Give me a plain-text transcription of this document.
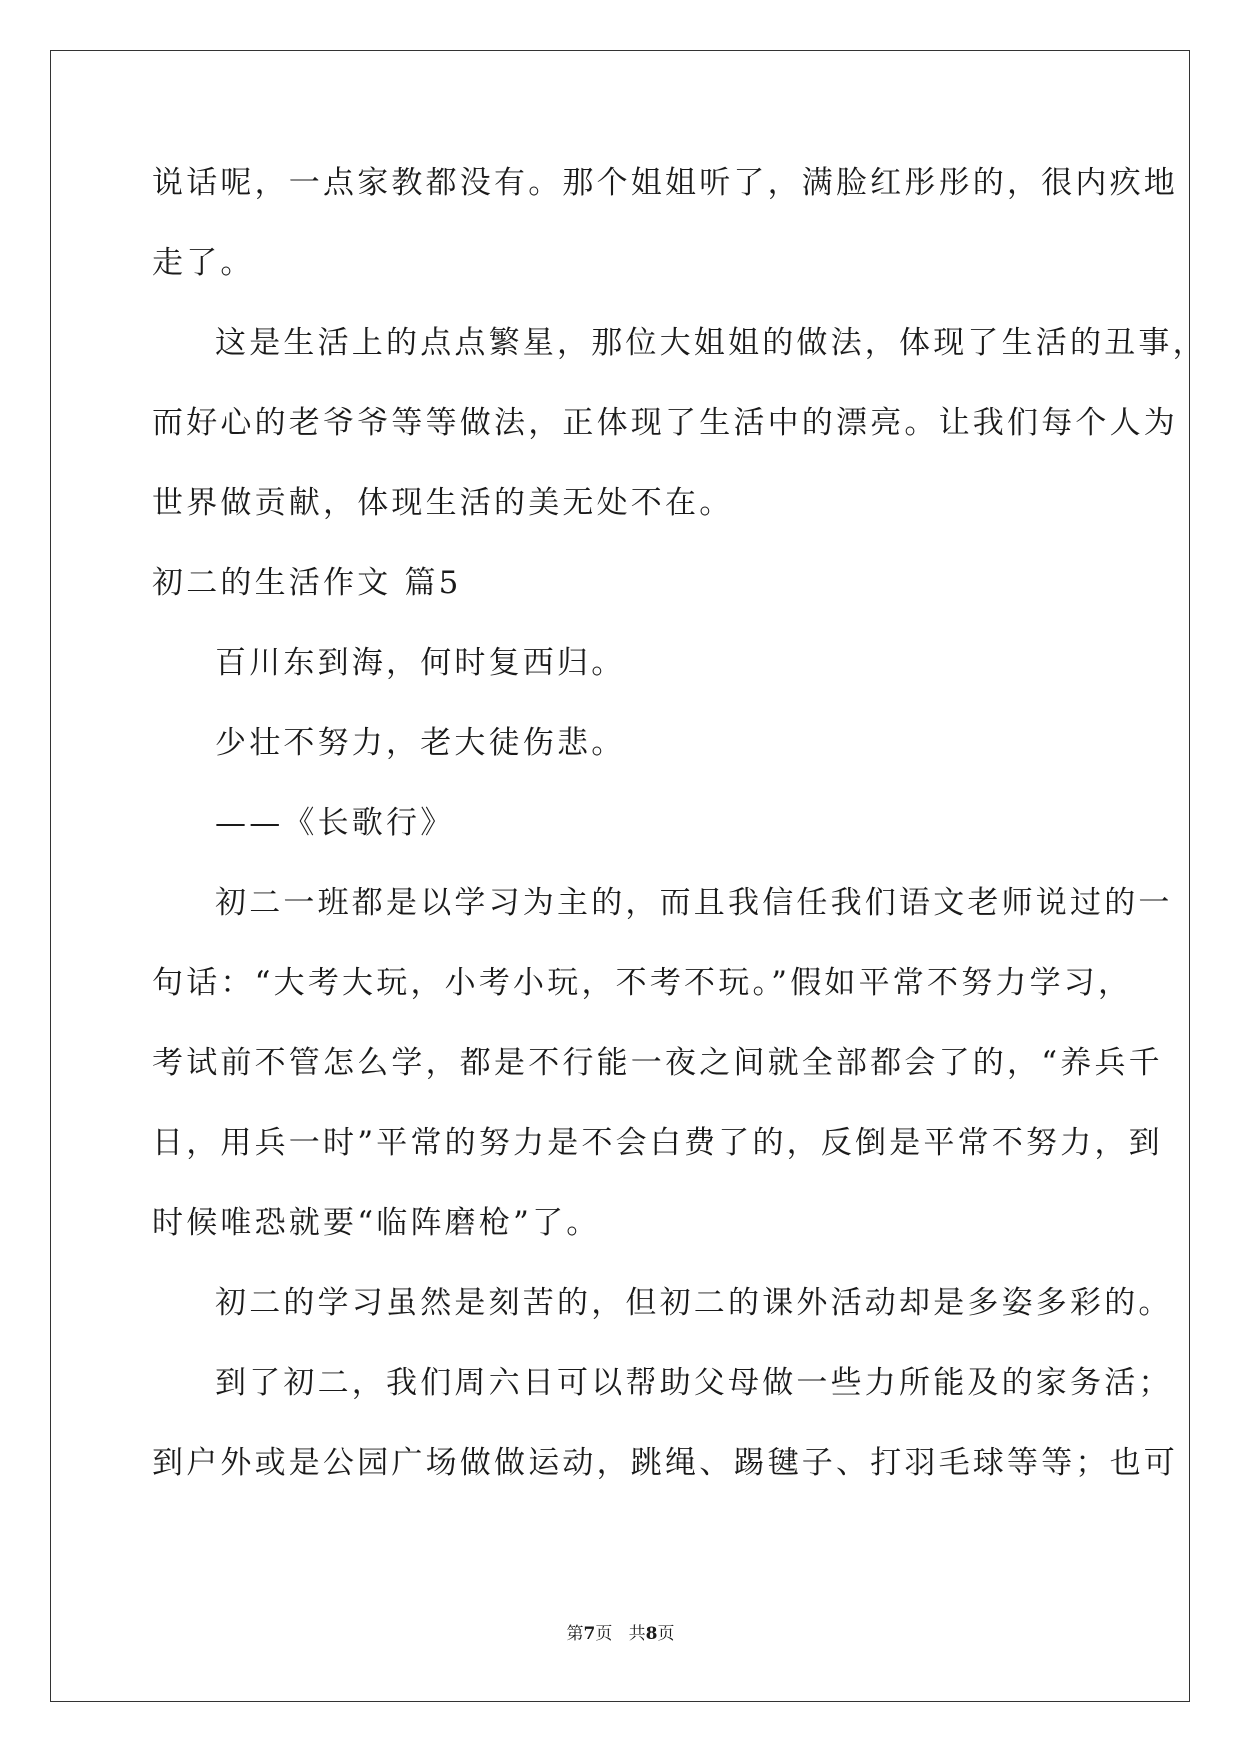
说话呢，一点家教都没有。那个姐姐听了，满脸红彤彤的，很内疚地
走了。
这是生活上的点点繁星，那位大姐姐的做法，体现了生活的丑事，
而好心的老爷爷等等做法，正体现了生活中的漂亮。让我们每个人为
世界做贡献，体现生活的美无处不在。
初二的生活作文 篇5
百川东到海，何时复西归。
少壮不努力，老大徒伤悲。
——《长歌行》
初二一班都是以学习为主的，而且我信任我们语文老师说过的一
句话：“大考大玩，小考小玩，不考不玩。”假如平常不努力学习，
考试前不管怎么学，都是不行能一夜之间就全部都会了的，“养兵千
日，用兵一时”平常的努力是不会白费了的，反倒是平常不努力，到
时候唯恐就要“临阵磨枪”了。
初二的学习虽然是刻苦的，但初二的课外活动却是多姿多彩的。
到了初二，我们周六日可以帮助父母做一些力所能及的家务活；
到户外或是公园广场做做运动，跳绳、踢毽子、打羽毛球等等；也可
第7页   共8页
